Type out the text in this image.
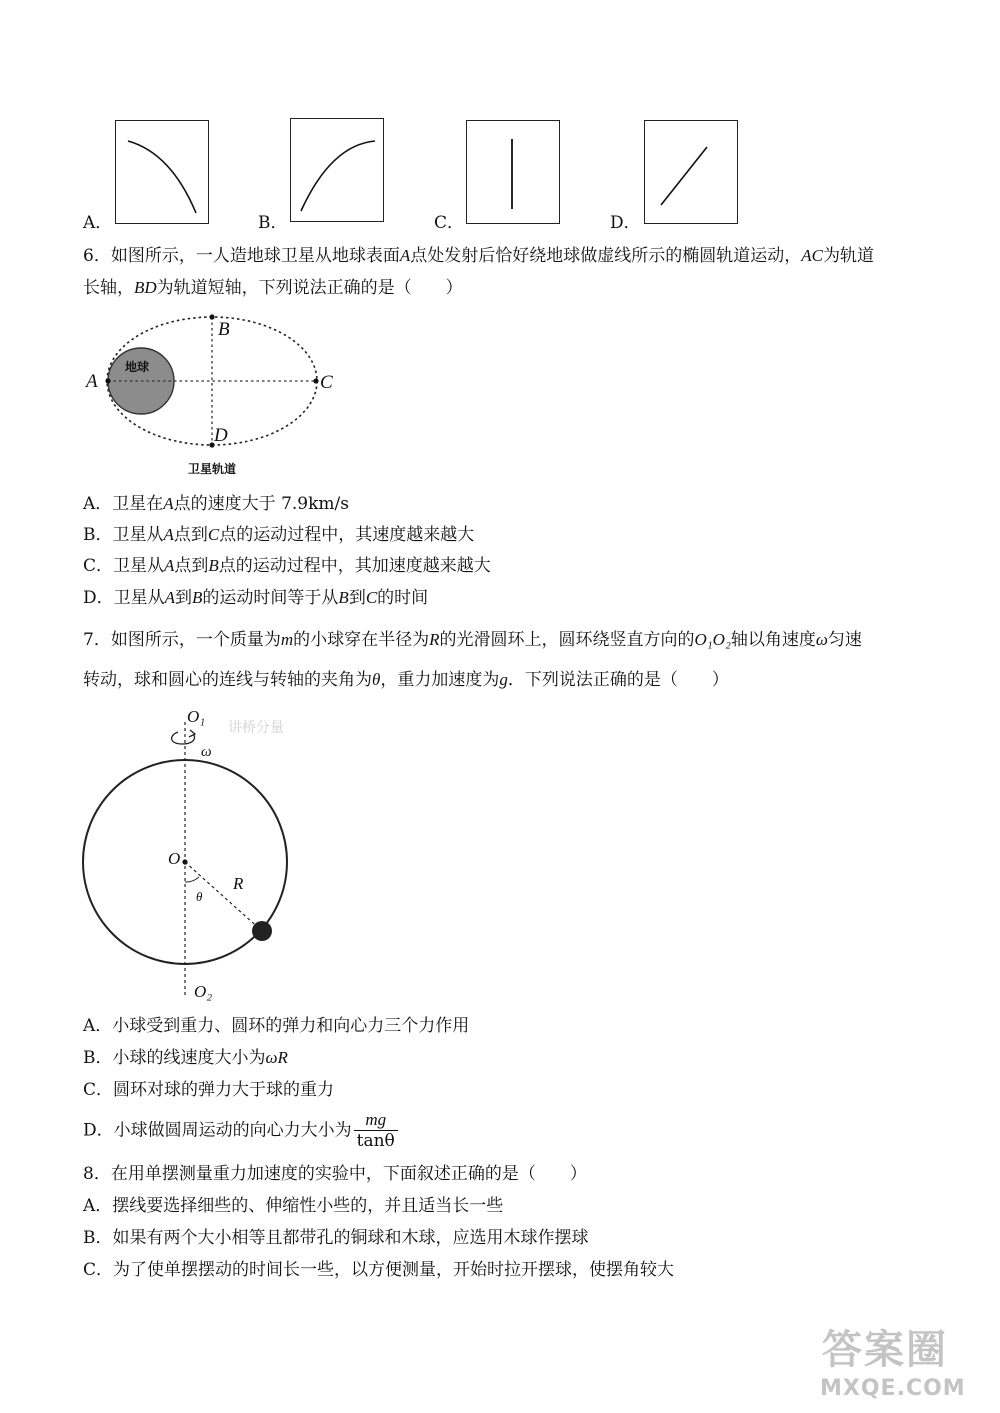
A．	B．	C．	D．
6．如图所示，一人造地球卫星从地球表面A点处发射后恰好绕地球做虚线所示的椭圆轨道运动，AC为轨道
长轴，BD为轨道短轴，下列说法正确的是（　　）
地球
A
B
C
D
卫星轨道
A．卫星在A点的速度大于 7.9km/s
B．卫星从A点到C点的运动过程中，其速度越来越大
C．卫星从A点到B点的运动过程中，其加速度越来越大
D．卫星从A到B的运动时间等于从B到C的时间
7．如图所示，一个质量为m的小球穿在半径为R的光滑圆环上，圆环绕竖直方向的O₁O₂轴以角速度ω匀速
转动，球和圆心的连线与转轴的夹角为θ，重力加速度为g．下列说法正确的是（　　）
O₁
ω
O
R
θ
O₂
讲桥分量
A．小球受到重力、圆环的弹力和向心力三个力作用
B．小球的线速度大小为ωR
C．圆环对球的弹力大于球的重力
D．小球做圆周运动的向心力大小为 $\frac{mg}{\tan\theta}$
8．在用单摆测量重力加速度的实验中，下面叙述正确的是（　　）
A．摆线要选择细些的、伸缩性小些的，并且适当长一些
B．如果有两个大小相等且都带孔的铜球和木球，应选用木球作摆球
C．为了使单摆摆动的时间长一些，以方便测量，开始时拉开摆球，使摆角较大
答案圈
MXQE.COM
